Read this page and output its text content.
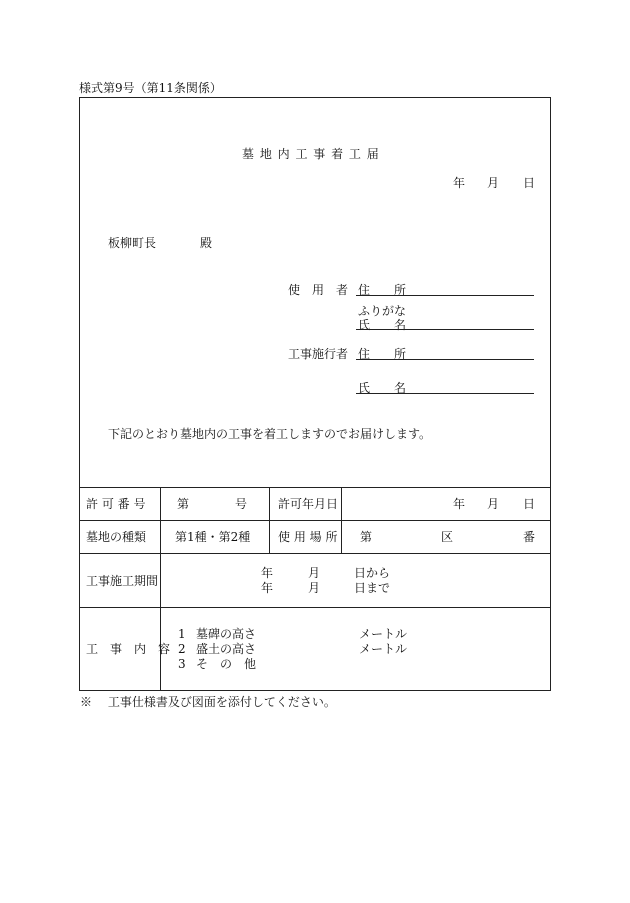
様式第9号（第11条関係）
墓 地 内 工 事 着 工 届
年 月 日
板柳町長	殿
使　用　者 住　　所
ふりがな
氏　　名
工事施行者 住　　所
氏　　名
下記のとおり墓地内の工事を着工しますのでお届けします。
許 可 番 号	第	号	許可年月日	年 月 日
墓地の種類 第1種・第2種 使 用 場 所 第	区	番
工事施工期間
年	月	日から
年	月	日まで
工　事　内　容
1 墓碑の高さ	メートル
2 盛土の高さ	メートル
3 そ　の　他
※　 工事仕様書及び図面を添付してください。
